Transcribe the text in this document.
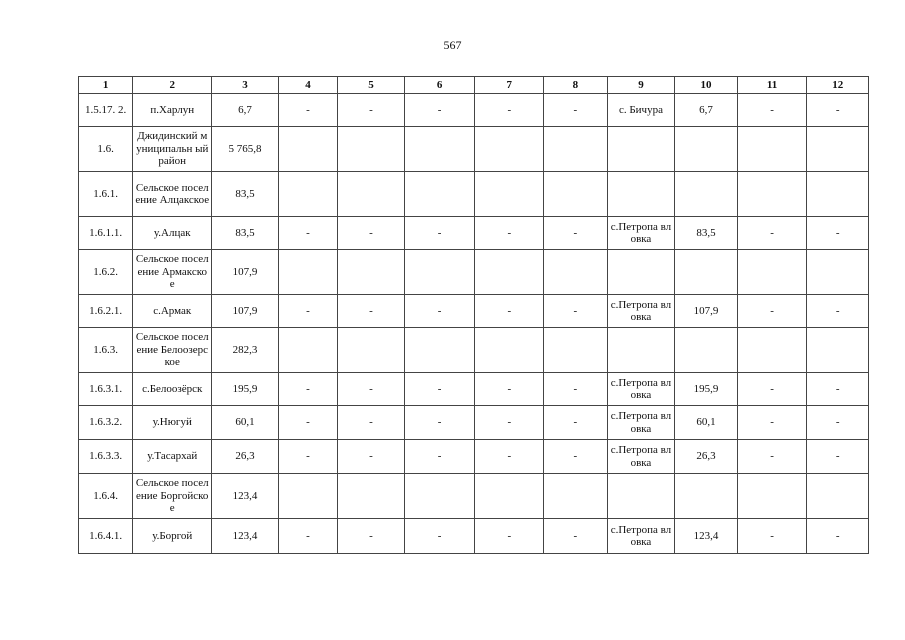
567
1	2	3	4	5	6	7	8	9	10	11	12
1.5.17. 2.	п.Харлун	6,7	-	-	-	-	-	с. Бичура	6,7	-	-
1.6.	Джидинский муниципальн ый район	5 765,8									
1.6.1.	Сельское поселение Алцакское	83,5									
1.6.1.1.	у.Алцак	83,5	-	-	-	-	-	с.Петропа вловка	83,5	-	-
1.6.2.	Сельское поселение Армакское	107,9									
1.6.2.1.	с.Армак	107,9	-	-	-	-	-	с.Петропа вловка	107,9	-	-
1.6.3.	Сельское поселение Белоозерское	282,3									
1.6.3.1.	с.Белоозёрск	195,9	-	-	-	-	-	с.Петропа вловка	195,9	-	-
1.6.3.2.	у.Нюгуй	60,1	-	-	-	-	-	с.Петропа вловка	60,1	-	-
1.6.3.3.	у.Тасархай	26,3	-	-	-	-	-	с.Петропа вловка	26,3	-	-
1.6.4.	Сельское поселение Боргойское	123,4									
1.6.4.1.	у.Боргой	123,4	-	-	-	-	-	с.Петропа вловка	123,4	-	-
